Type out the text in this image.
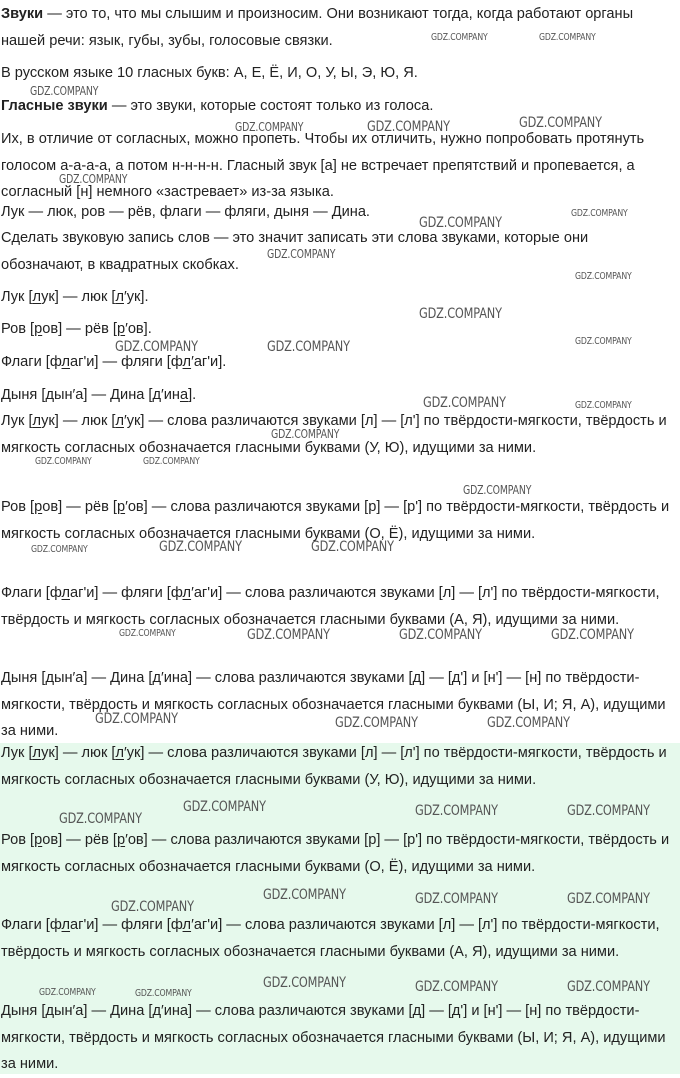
Звуки — это то, что мы слышим и произносим. Они возникают тогда, когда работают органы нашей речи: язык, губы, зубы, голосовые связки.

В русском языке 10 гласных букв: А, Е, Ё, И, О, У, Ы, Э, Ю, Я.

Гласные звуки — это звуки, которые состоят только из голоса.

Их, в отличие от согласных, можно пропеть. Чтобы их отличить, нужно попробовать протянуть голосом а-а-а-а, а потом н-н-н-н. Гласный звук [а] не встречает препятствий и пропевается, а согласный [н] немного «застревает» из-за языка.

Лук — люк, ров — рёв, флаги — фляги, дыня — Дина.

Сделать звуковую запись слов — это значит записать эти слова звуками, которые они обозначают, в квадратных скобках.

Лук [лук] — люк [л′ук].

Ров [ров] — рёв [р′ов].

Флаги [флаг'и] — фляги [фл′аг'и].

Дыня [дын′а] — Дина [д′ина].

Лук [лук] — люк [л′ук] — слова различаются звуками [л] — [л'] по твёрдости-мягкости, твёрдость и мягкость согласных обозначается гласными буквами (У, Ю), идущими за ними.

Ров [ров] — рёв [р′ов] — слова различаются звуками [р] — [р'] по твёрдости-мягкости, твёрдость и мягкость согласных обозначается гласными буквами (О, Ё), идущими за ними.

Флаги [флаг'и] — фляги [фл′аг'и] — слова различаются звуками [л] — [л'] по твёрдости-мягкости, твёрдость и мягкость согласных обозначается гласными буквами (А, Я), идущими за ними.

Дыня [дын′а] — Дина [д′ина] — слова различаются звуками [д] — [д'] и [н'] — [н] по твёрдости-мягкости, твёрдость и мягкость согласных обозначается гласными буквами (Ы, И; Я, А), идущими за ними.

Лук [лук] — люк [л′ук] — слова различаются звуками [л] — [л'] по твёрдости-мягкости, твёрдость и мягкость согласных обозначается гласными буквами (У, Ю), идущими за ними.

Ров [ров] — рёв [р′ов] — слова различаются звуками [р] — [р'] по твёрдости-мягкости, твёрдость и мягкость согласных обозначается гласными буквами (О, Ё), идущими за ними.

Флаги [флаг'и] — фляги [фл′аг'и] — слова различаются звуками [л] — [л'] по твёрдости-мягкости, твёрдость и мягкость согласных обозначается гласными буквами (А, Я), идущими за ними.

Дыня [дын′а] — Дина [д′ина] — слова различаются звуками [д] — [д'] и [н'] — [н] по твёрдости-мягкости, твёрдость и мягкость согласных обозначается гласными буквами (Ы, И; Я, А), идущими за ними.

GDZ.COMPANY	GDZ.COMPANY
GDZ.COMPANY
GDZ.COMPANY	GDZ.COMPANY	GDZ.COMPANY
GDZ.COMPANY
GDZ.COMPANY
GDZ.COMPANY
GDZ.COMPANY
GDZ.COMPANY
GDZ.COMPANY
GDZ.COMPANY	GDZ.COMPANY	GDZ.COMPANY
GDZ.COMPANY	GDZ.COMPANY
GDZ.COMPANY
GDZ.COMPANY	GDZ.COMPANY
GDZ.COMPANY
GDZ.COMPANY	GDZ.COMPANY	GDZ.COMPANY
GDZ.COMPANY	GDZ.COMPANY	GDZ.COMPANY	GDZ.COMPANY
GDZ.COMPANY	GDZ.COMPANY	GDZ.COMPANY
GDZ.COMPANY
GDZ.COMPANY	GDZ.COMPANY	GDZ.COMPANY
GDZ.COMPANY
GDZ.COMPANY	GDZ.COMPANY	GDZ.COMPANY
GDZ.COMPANY
GDZ.COMPANY	GDZ.COMPANY	GDZ.COMPANY	GDZ.COMPANY
